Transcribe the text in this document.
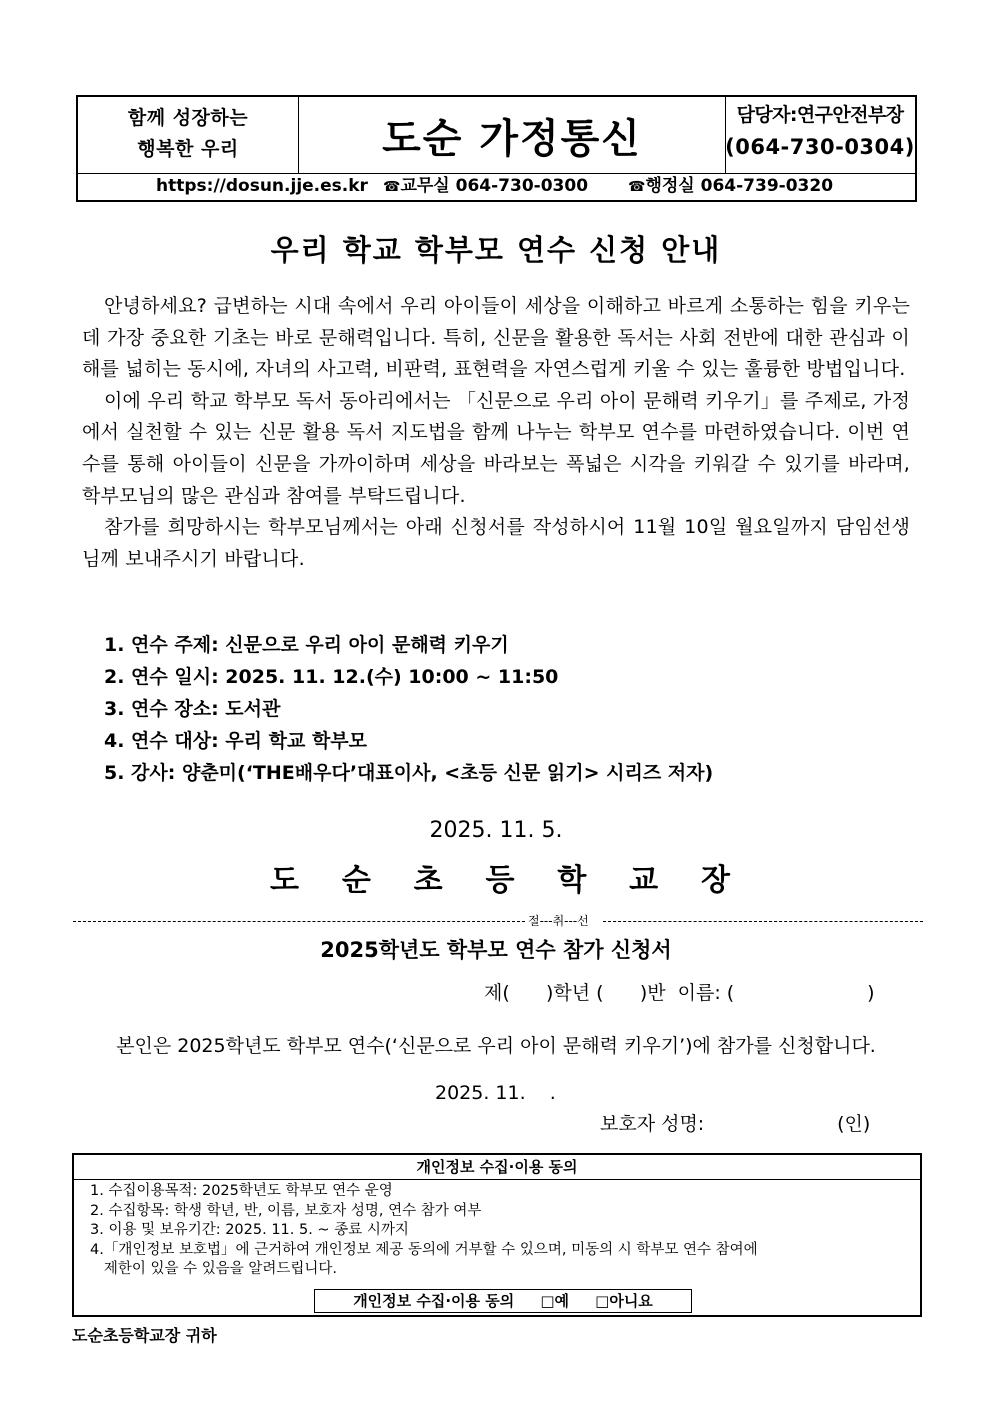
함께 성장하는
행복한 우리	도순 가정통신
담당자:연구안전부장
(064-730-0304)
https://dosun.jje.es.kr ☎교무실 064-730-0300	☎행정실 064-739-0320
우리 학교 학부모 연수 신청 안내

안녕하세요? 급변하는 시대 속에서 우리 아이들이 세상을 이해하고 바르게 소통하는 힘을 키우는 데 가장 중요한 기초는 바로 문해력입니다. 특히, 신문을 활용한 독서는 사회 전반에 대한 관심과 이해를 넓히는 동시에, 자녀의 사고력, 비판력, 표현력을 자연스럽게 키울 수 있는 훌륭한 방법입니다.

이에 우리 학교 학부모 독서 동아리에서는 「신문으로 우리 아이 문해력 키우기」를 주제로, 가정에서 실천할 수 있는 신문 활용 독서 지도법을 함께 나누는 학부모 연수를 마련하였습니다. 이번 연수를 통해 아이들이 신문을 가까이하며 세상을 바라보는 폭넓은 시각을 키워갈 수 있기를 바라며, 학부모님의 많은 관심과 참여를 부탁드립니다.

참가를 희망하시는 학부모님께서는 아래 신청서를 작성하시어 11월 10일 월요일까지 담임선생님께 보내주시기 바랍니다.

1. 연수 주제: 신문으로 우리 아이 문해력 키우기
2. 연수 일시: 2025. 11. 12.(수) 10:00 ~ 11:50
3. 연수 장소: 도서관
4. 연수 대상: 우리 학교 학부모
5. 강사: 양춘미(‘THE배우다’대표이사, <초등 신문 읽기> 시리즈 저자)
2025. 11. 5.
도 순 초 등 학 교 장
절---취---선
2025학년도 학부모 연수 참가 신청서
제(      )학년 (      )반  이름: (                      )
본인은 2025학년도 학부모 연수(‘신문으로 우리 아이 문해력 키우기’)에 참가를 신청합니다.
2025. 11.    .
보호자 성명:                      (인)
개인정보 수집·이용 동의
1. 수집이용목적: 2025학년도 학부모 연수 운영
2. 수집항목: 학생 학년, 반, 이름, 보호자 성명, 연수 참가 여부
3. 이용 및 보유기간: 2025. 11. 5. ~ 종료 시까지
4.「개인정보 보호법」에 근거하여 개인정보 제공 동의에 거부할 수 있으며, 미동의 시 학부모 연수 참여에
제한이 있을 수 있음을 알려드립니다.
개인정보 수집·이용 동의 □예 □아니요
도순초등학교장 귀하
